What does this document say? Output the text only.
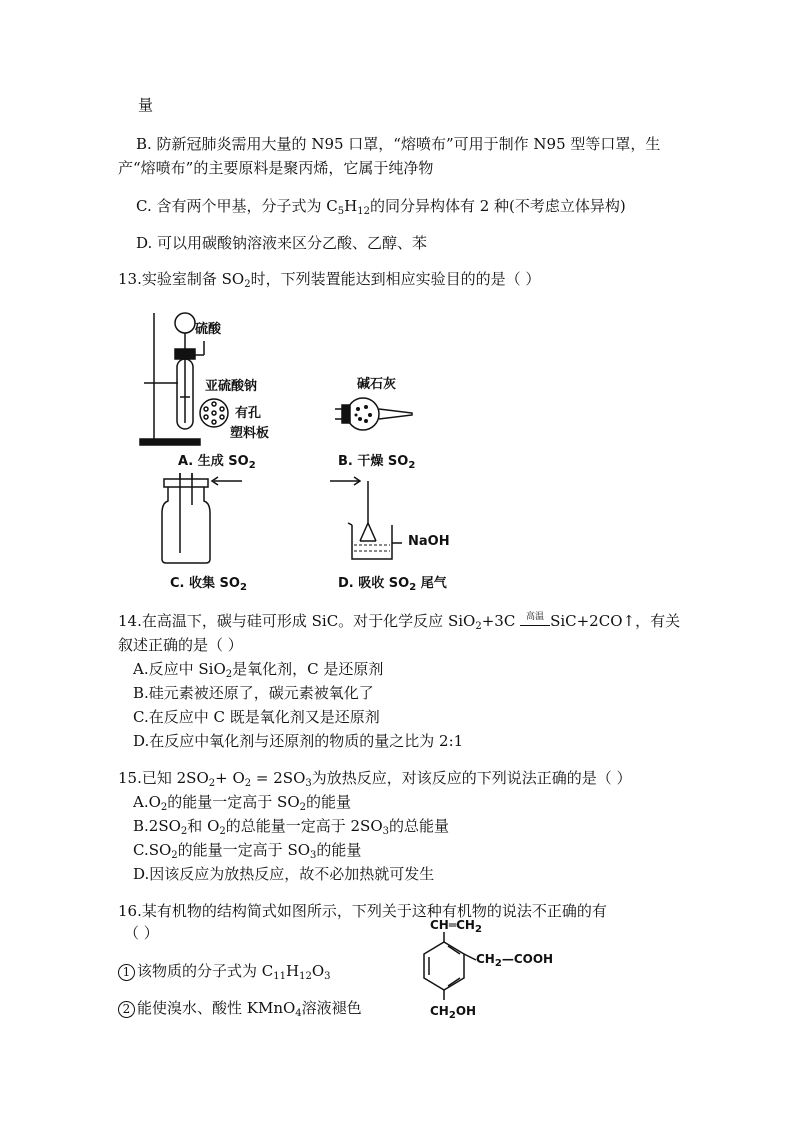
量
B. 防新冠肺炎需用大量的 N95 口罩，“熔喷布”可用于制作 N95 型等口罩，生
产“熔喷布”的主要原料是聚丙烯，它属于纯净物
C. 含有两个甲基，分子式为 $C_5H_{12}$的同分异构体有 2 种(不考虑立体异构)
D. 可以用碳酸钠溶液来区分乙酸、乙醇、苯
13.实验室制备 $SO_2$时，下列装置能达到相应实验目的的是（ ）
硫酸
亚硫酸钠
有孔
塑料板
A. 生成 $SO_2$
碱石灰
B. 干燥 $SO_2$
NaOH
C. 收集 $SO_2$	D. 吸收 $SO_2$ 尾气
14.在高温下，碳与硅可形成 SiC。对于化学反应 SiO$_2$+3C 高温 SiC+2CO↑，有关
叙述正确的是（ ）
A.反应中 SiO$_2$是氧化剂，C 是还原剂
B.硅元素被还原了，碳元素被氧化了
C.在反应中 C 既是氧化剂又是还原剂
D.在反应中氧化剂与还原剂的物质的量之比为 2:1
15.已知 $2SO_2+ O_2 = 2SO_3$为放热反应，对该反应的下列说法正确的是（ ）
$A.O_2$的能量一定高于 $SO_2$的能量
$B.2SO_2$和 $O_2$的总能量一定高于 $2SO_3$的总能量
$C.SO_2$的能量一定高于 $SO_3$的能量
D.因该反应为放热反应，故不必加热就可发生
16.某有机物的结构简式如图所示，下列关于这种有机物的说法不正确的有
（ ）
1 该物质的分子式为 $C_{11}H_{12}O_3$
2 能使溴水、酸性 KMnO$_4$溶液褪色
$CH═CH_2$
$CH_2—COOH$
$CH_2OH$
